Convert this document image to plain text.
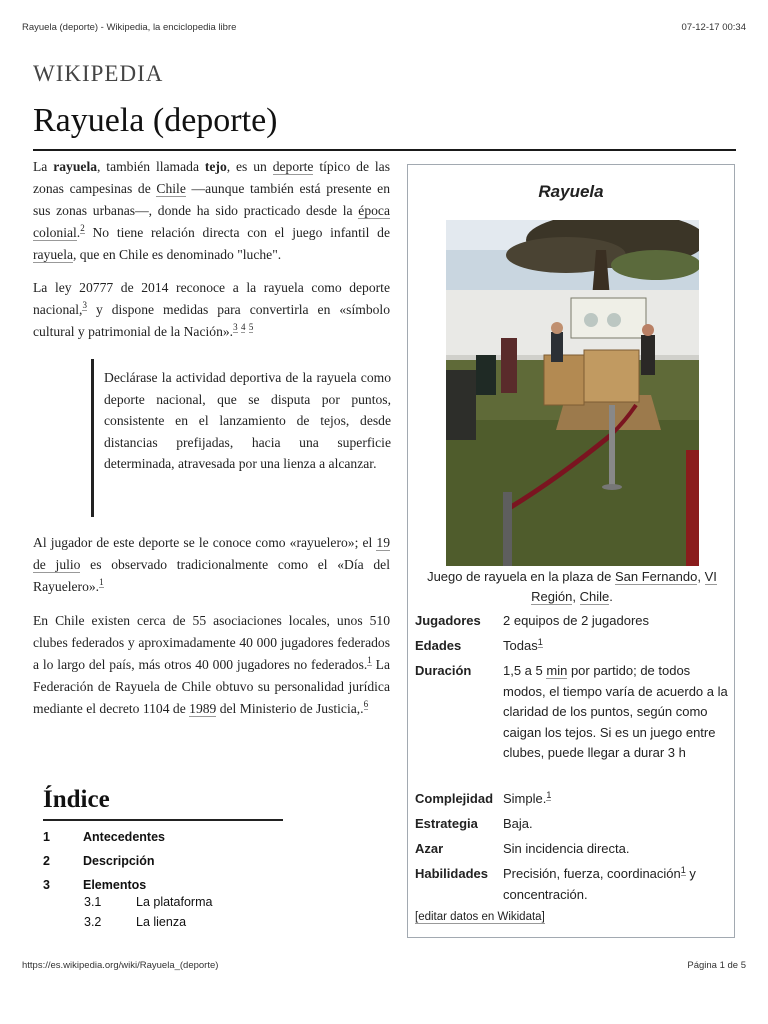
Rayuela (deporte) - Wikipedia, la enciclopedia libre	07-12-17 00:34
WIKIPEDIA
Rayuela (deporte)

La rayuela, también llamada tejo, es un deporte típico de las zonas campesinas de Chile —aunque también está presente en sus zonas urbanas—, donde ha sido practicado desde la época colonial.$^2$ No tiene relación directa con el juego infantil de rayuela, que en Chile es denominado "luche".

La ley 20777 de 2014 reconoce a la rayuela como deporte nacional,$^3$ y dispone medidas para convertirla en «símbolo cultural y patrimonial de la Nación».$^3$ $^4$ $^5$

Declárase la actividad deportiva de la rayuela como deporte nacional, que se disputa por puntos, consistente en el lanzamiento de tejos, desde distancias prefijadas, hacia una superficie determinada, atravesada por una lienza a alcanzar.

Al jugador de este deporte se le conoce como «rayuelero»; el 19 de julio es observado tradicionalmente como el «Día del Rayuelero».$^1$

En Chile existen cerca de 55 asociaciones locales, unos 510 clubes federados y aproximadamente 40 000 jugadores federados a lo largo del país, más otros 40 000 jugadores no federados.$^1$ La Federación de Rayuela de Chile obtuvo su personalidad jurídica mediante el decreto 1104 de 1989 del Ministerio de Justicia,.$^6$

Índice
1	Antecedentes
2	Descripción
3	Elementos
3.1	La plataforma
3.2	La lienza
Rayuela
Juego de rayuela en la plaza de San Fernando, VI Región, Chile.
Jugadores	2 equipos de 2 jugadores
Edades	Todas$^1$
Duración	1,5 a 5 min por partido; de todos modos, el tiempo varía de acuerdo a la claridad de los puntos, según como caigan los tejos. Si es un juego entre clubes, puede llegar a durar 3 h
Complejidad Simple.$^1$
Estrategia	Baja.
Azar	Sin incidencia directa.
Habilidades	Precisión, fuerza, coordinación$^1$ y concentración.
[editar datos en Wikidata]
https://es.wikipedia.org/wiki/Rayuela_(deporte)	Página 1 de 5
